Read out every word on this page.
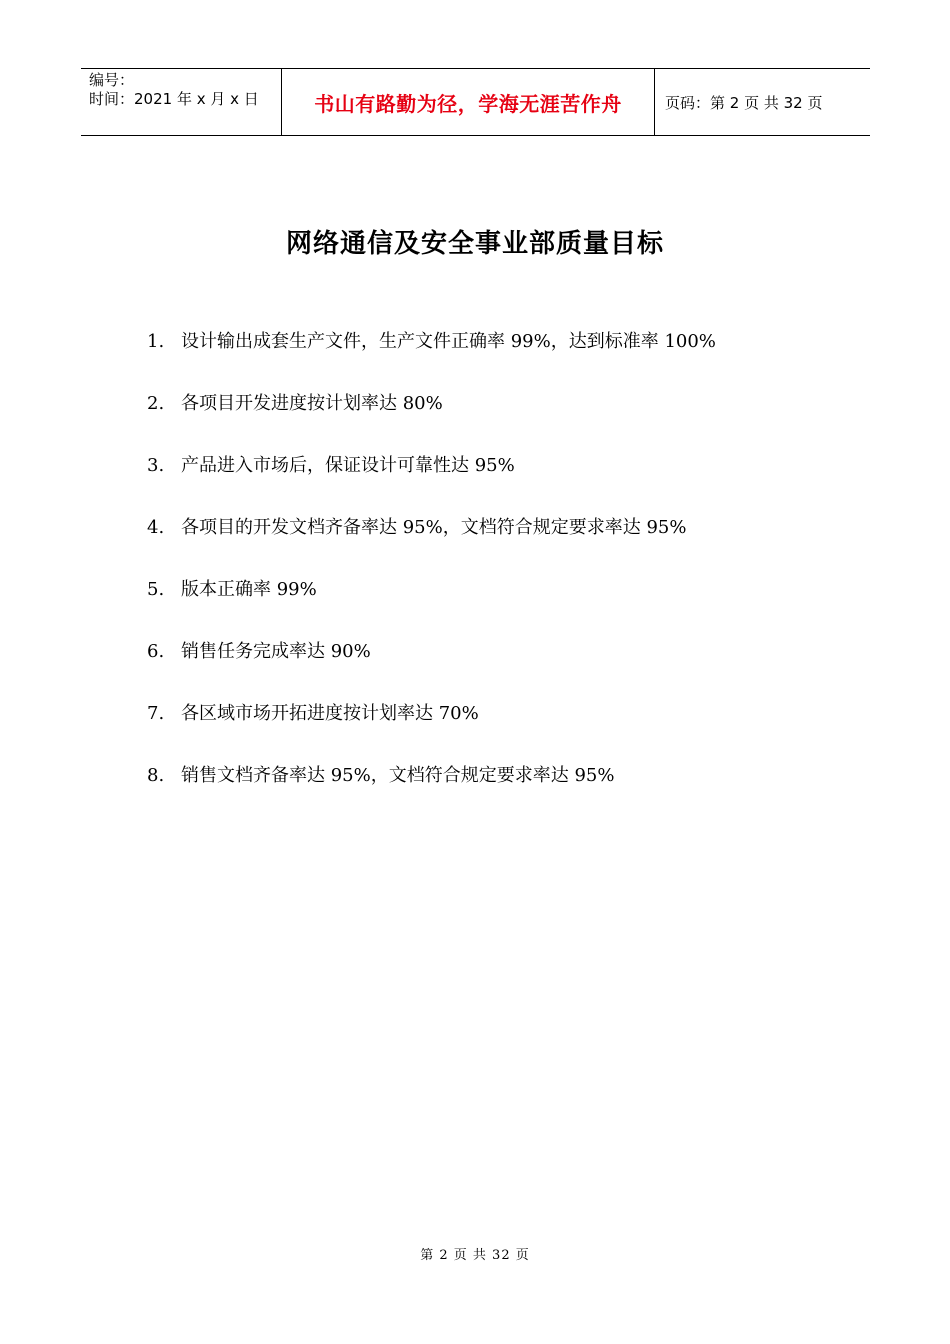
编号：
时间：2021 年 x 月 x 日	书山有路勤为径，学海无涯苦作舟	页码：第 2 页 共 32 页
网络通信及安全事业部质量目标
1. 设计输出成套生产文件，生产文件正确率 99%，达到标准率 100%
2. 各项目开发进度按计划率达 80%
3. 产品进入市场后，保证设计可靠性达 95%
4. 各项目的开发文档齐备率达 95%，文档符合规定要求率达 95%
5. 版本正确率 99%
6. 销售任务完成率达 90%
7. 各区域市场开拓进度按计划率达 70%
8. 销售文档齐备率达 95%，文档符合规定要求率达 95%
第 2 页 共 32 页
